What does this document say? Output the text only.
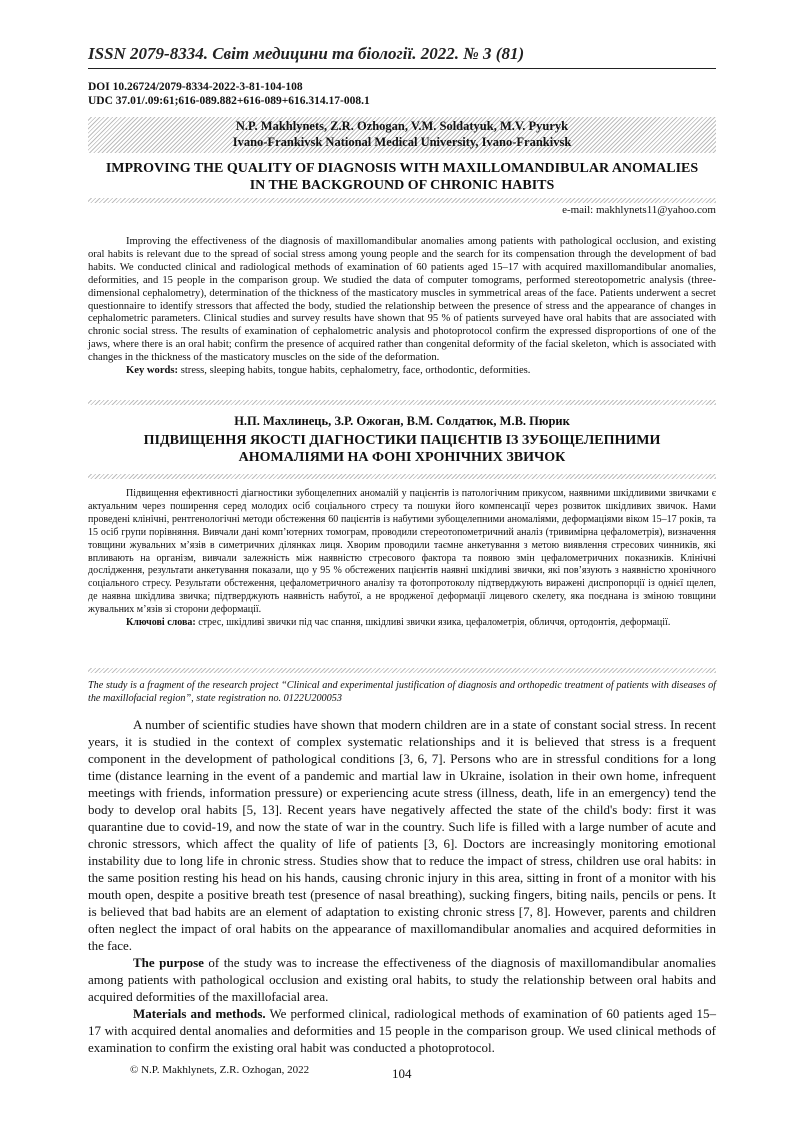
ISSN 2079-8334. Світ медицини та біології. 2022. № 3 (81)
DOI 10.26724/2079-8334-2022-3-81-104-108
UDC 37.01/.09:61;616-089.882+616-089+616.314.17-008.1
N.P. Makhlynets, Z.R. Ozhogan, V.M. Soldatyuk, M.V. Pyuryk
Ivano-Frankivsk National Medical University, Ivano-Frankivsk
IMPROVING THE QUALITY OF DIAGNOSIS WITH MAXILLOMANDIBULAR ANOMALIES
IN THE BACKGROUND OF CHRONIC HABITS
e-mail: makhlynets11@yahoo.com

Improving the effectiveness of the diagnosis of maxillomandibular anomalies among patients with pathological occlusion, and existing oral habits is relevant due to the spread of social stress among young people and the search for its compensation through the development of bad habits. We conducted clinical and radiological methods of examination of 60 patients aged 15–17 with acquired maxillomandibular anomalies, deformities, and 15 people in the comparison group. We studied the data of computer tomograms, performed stereotopometric analysis (three-dimensional cephalometry), determination of the thickness of the masticatory muscles in symmetrical areas of the face. Patients underwent a secret questionnaire to identify stressors that affected the body, studied the relationship between the presence of stress and the appearance of changes in cephalometric parameters. Clinical studies and survey results have shown that 95 % of patients surveyed have oral habits that are associated with chronic social stress. The results of examination of cephalometric analysis and photoprotocol confirm the expressed disproportions of one of the jaws, where there is an oral habit; confirm the presence of acquired rather than congenital deformity of the facial skeleton, which is associated with changes in the thickness of the masticatory muscles on the side of the deformation.

Key words: stress, sleeping habits, tongue habits, cephalometry, face, orthodontic, deformities.

Н.П. Махлинець, З.Р. Ожоган, В.М. Солдатюк, М.В. Пюрик
ПІДВИЩЕННЯ ЯКОСТІ ДІАГНОСТИКИ ПАЦІЄНТІВ ІЗ ЗУБОЩЕЛЕПНИМИ
АНОМАЛІЯМИ НА ФОНІ ХРОНІЧНИХ ЗВИЧОК

Підвищення ефективності діагностики зубощелепних аномалій у пацієнтів із патологічним прикусом, наявними шкідливими звичками є актуальним через поширення серед молодих осіб соціального стресу та пошуки його компенсації через розвиток шкідливих звичок. Нами проведені клінічні, рентгенологічні методи обстеження 60 пацієнтів із набутими зубощелепними аномаліями, деформаціями віком 15–17 років, та 15 осіб групи порівняння. Вивчали дані комп’ютерних томограм, проводили стереотопометричний аналіз (тривимірна цефалометрія), визначення товщини жувальних м’язів в симетричних ділянках лиця. Хворим проводили таємне анкетування з метою виявлення стресових чинників, які впливають на організм, вивчали залежність між наявністю стресового фактора та появою змін цефалометричних показників. Клінічні дослідження, результати анкетування показали, що у 95 % обстежених пацієнтів наявні шкідливі звички, які пов’язують з наявністю хронічного соціального стресу. Результати обстеження, цефалометричного аналізу та фотопротоколу підтверджують виражені диспропорції із однієї щелеп, де наявна шкідлива звичка; підтверджують наявність набутої, а не вродженої деформації лицевого скелету, яка поєднана із зміною товщини жувальних м’язів зі сторони деформації.

Ключові слова: стрес, шкідливі звички під час спання, шкідливі звички язика, цефалометрія, обличчя, ортодонтія, деформації.

The study is a fragment of the research project “Clinical and experimental justification of diagnosis and orthopedic treatment of patients with diseases of the maxillofacial region”, state registration no. 0122U200053

A number of scientific studies have shown that modern children are in a state of constant social stress. In recent years, it is studied in the context of complex systematic relationships and it is believed that stress is a frequent component in the development of pathological conditions [3, 6, 7]. Persons who are in stressful conditions for a long time (distance learning in the event of a pandemic and martial law in Ukraine, isolation in their own home, infrequent meetings with friends, information pressure) or experiencing acute stress (illness, death, life in an emergency) tend the body to develop oral habits [5, 13]. Recent years have negatively affected the state of the child's body: first it was quarantine due to covid-19, and now the state of war in the country. Such life is filled with a large number of acute and chronic stressors, which affect the quality of life of patients [3, 6]. Doctors are increasingly monitoring emotional instability due to long life in chronic stress. Studies show that to reduce the impact of stress, children use oral habits: in the same position resting his head on his hands, causing chronic injury in this area, sitting in front of a monitor with his mouth open, despite a positive breath test (presence of nasal breathing), sucking fingers, biting nails, pencils or pens. It is believed that bad habits are an element of adaptation to existing chronic stress [7, 8]. However, parents and children often neglect the impact of oral habits on the appearance of maxillomandibular anomalies and acquired deformities in the face.

The purpose of the study was to increase the effectiveness of the diagnosis of maxillomandibular anomalies among patients with pathological occlusion and existing oral habits, to study the relationship between oral habits and acquired deformities of the maxillofacial area.

Materials and methods. We performed clinical, radiological methods of examination of 60 patients aged 15–17 with acquired dental anomalies and deformities and 15 people in the comparison group. We used clinical methods of examination to confirm the existing oral habit was conducted a photoprotocol.

© N.P. Makhlynets, Z.R. Ozhogan, 2022	104
